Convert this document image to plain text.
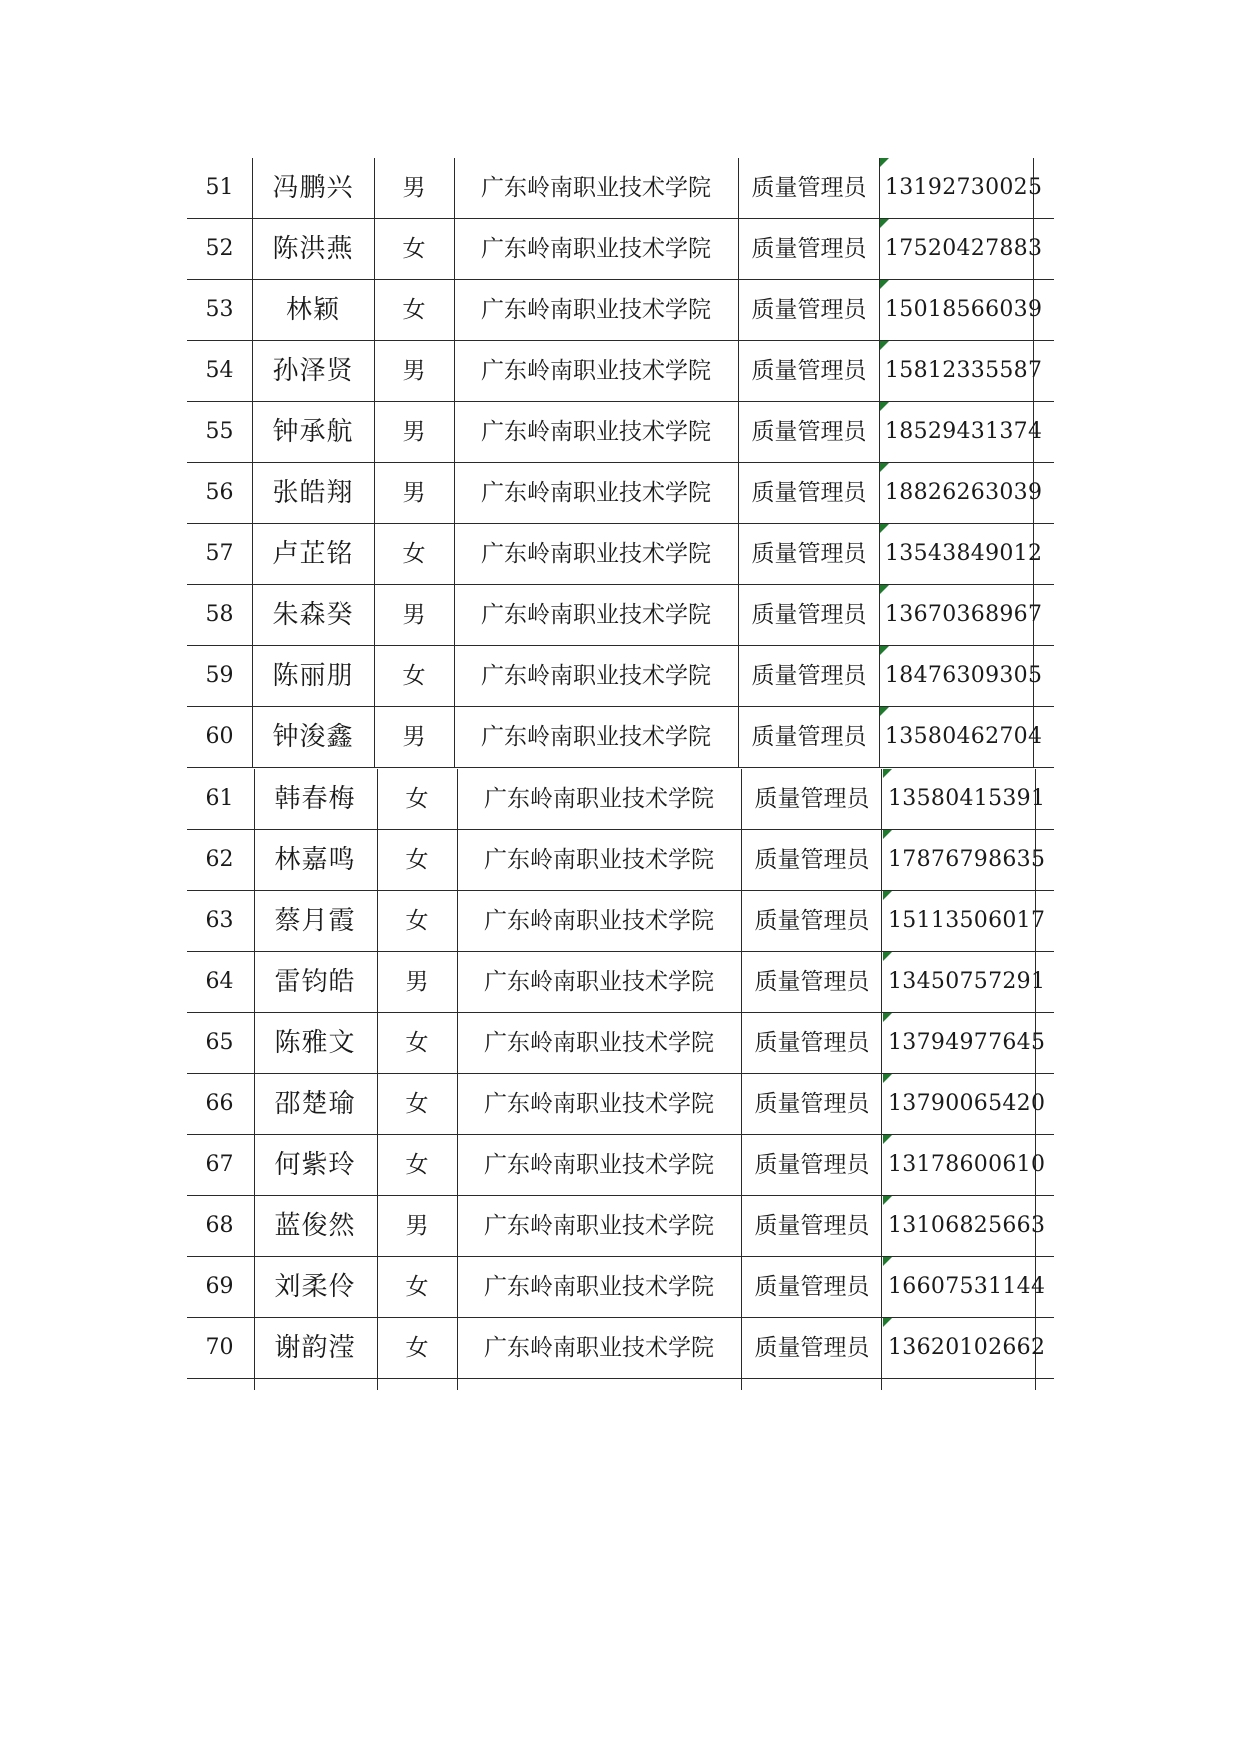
51	冯鹏兴	男	广东岭南职业技术学院	质量管理员 13192730025
52	陈洪燕	女	广东岭南职业技术学院	质量管理员 17520427883
53	林颖	女	广东岭南职业技术学院	质量管理员 15018566039
54	孙泽贤	男	广东岭南职业技术学院	质量管理员 15812335587
55	钟承航	男	广东岭南职业技术学院	质量管理员 18529431374
56	张皓翔	男	广东岭南职业技术学院	质量管理员 18826263039
57	卢芷铭	女	广东岭南职业技术学院	质量管理员 13543849012
58	朱森癸	男	广东岭南职业技术学院	质量管理员 13670368967
59	陈丽朋	女	广东岭南职业技术学院	质量管理员 18476309305
60	钟浚鑫	男	广东岭南职业技术学院	质量管理员 13580462704
61	韩春梅	女	广东岭南职业技术学院	质量管理员 13580415391
62	林嘉鸣	女	广东岭南职业技术学院	质量管理员 17876798635
63	蔡月霞	女	广东岭南职业技术学院	质量管理员 15113506017
64	雷钧皓	男	广东岭南职业技术学院	质量管理员 13450757291
65	陈雅文	女	广东岭南职业技术学院	质量管理员 13794977645
66	邵楚瑜	女	广东岭南职业技术学院	质量管理员 13790065420
67	何紫玲	女	广东岭南职业技术学院	质量管理员 13178600610
68	蓝俊然	男	广东岭南职业技术学院	质量管理员 13106825663
69	刘柔伶	女	广东岭南职业技术学院	质量管理员 16607531144
70	谢韵滢	女	广东岭南职业技术学院	质量管理员 13620102662
